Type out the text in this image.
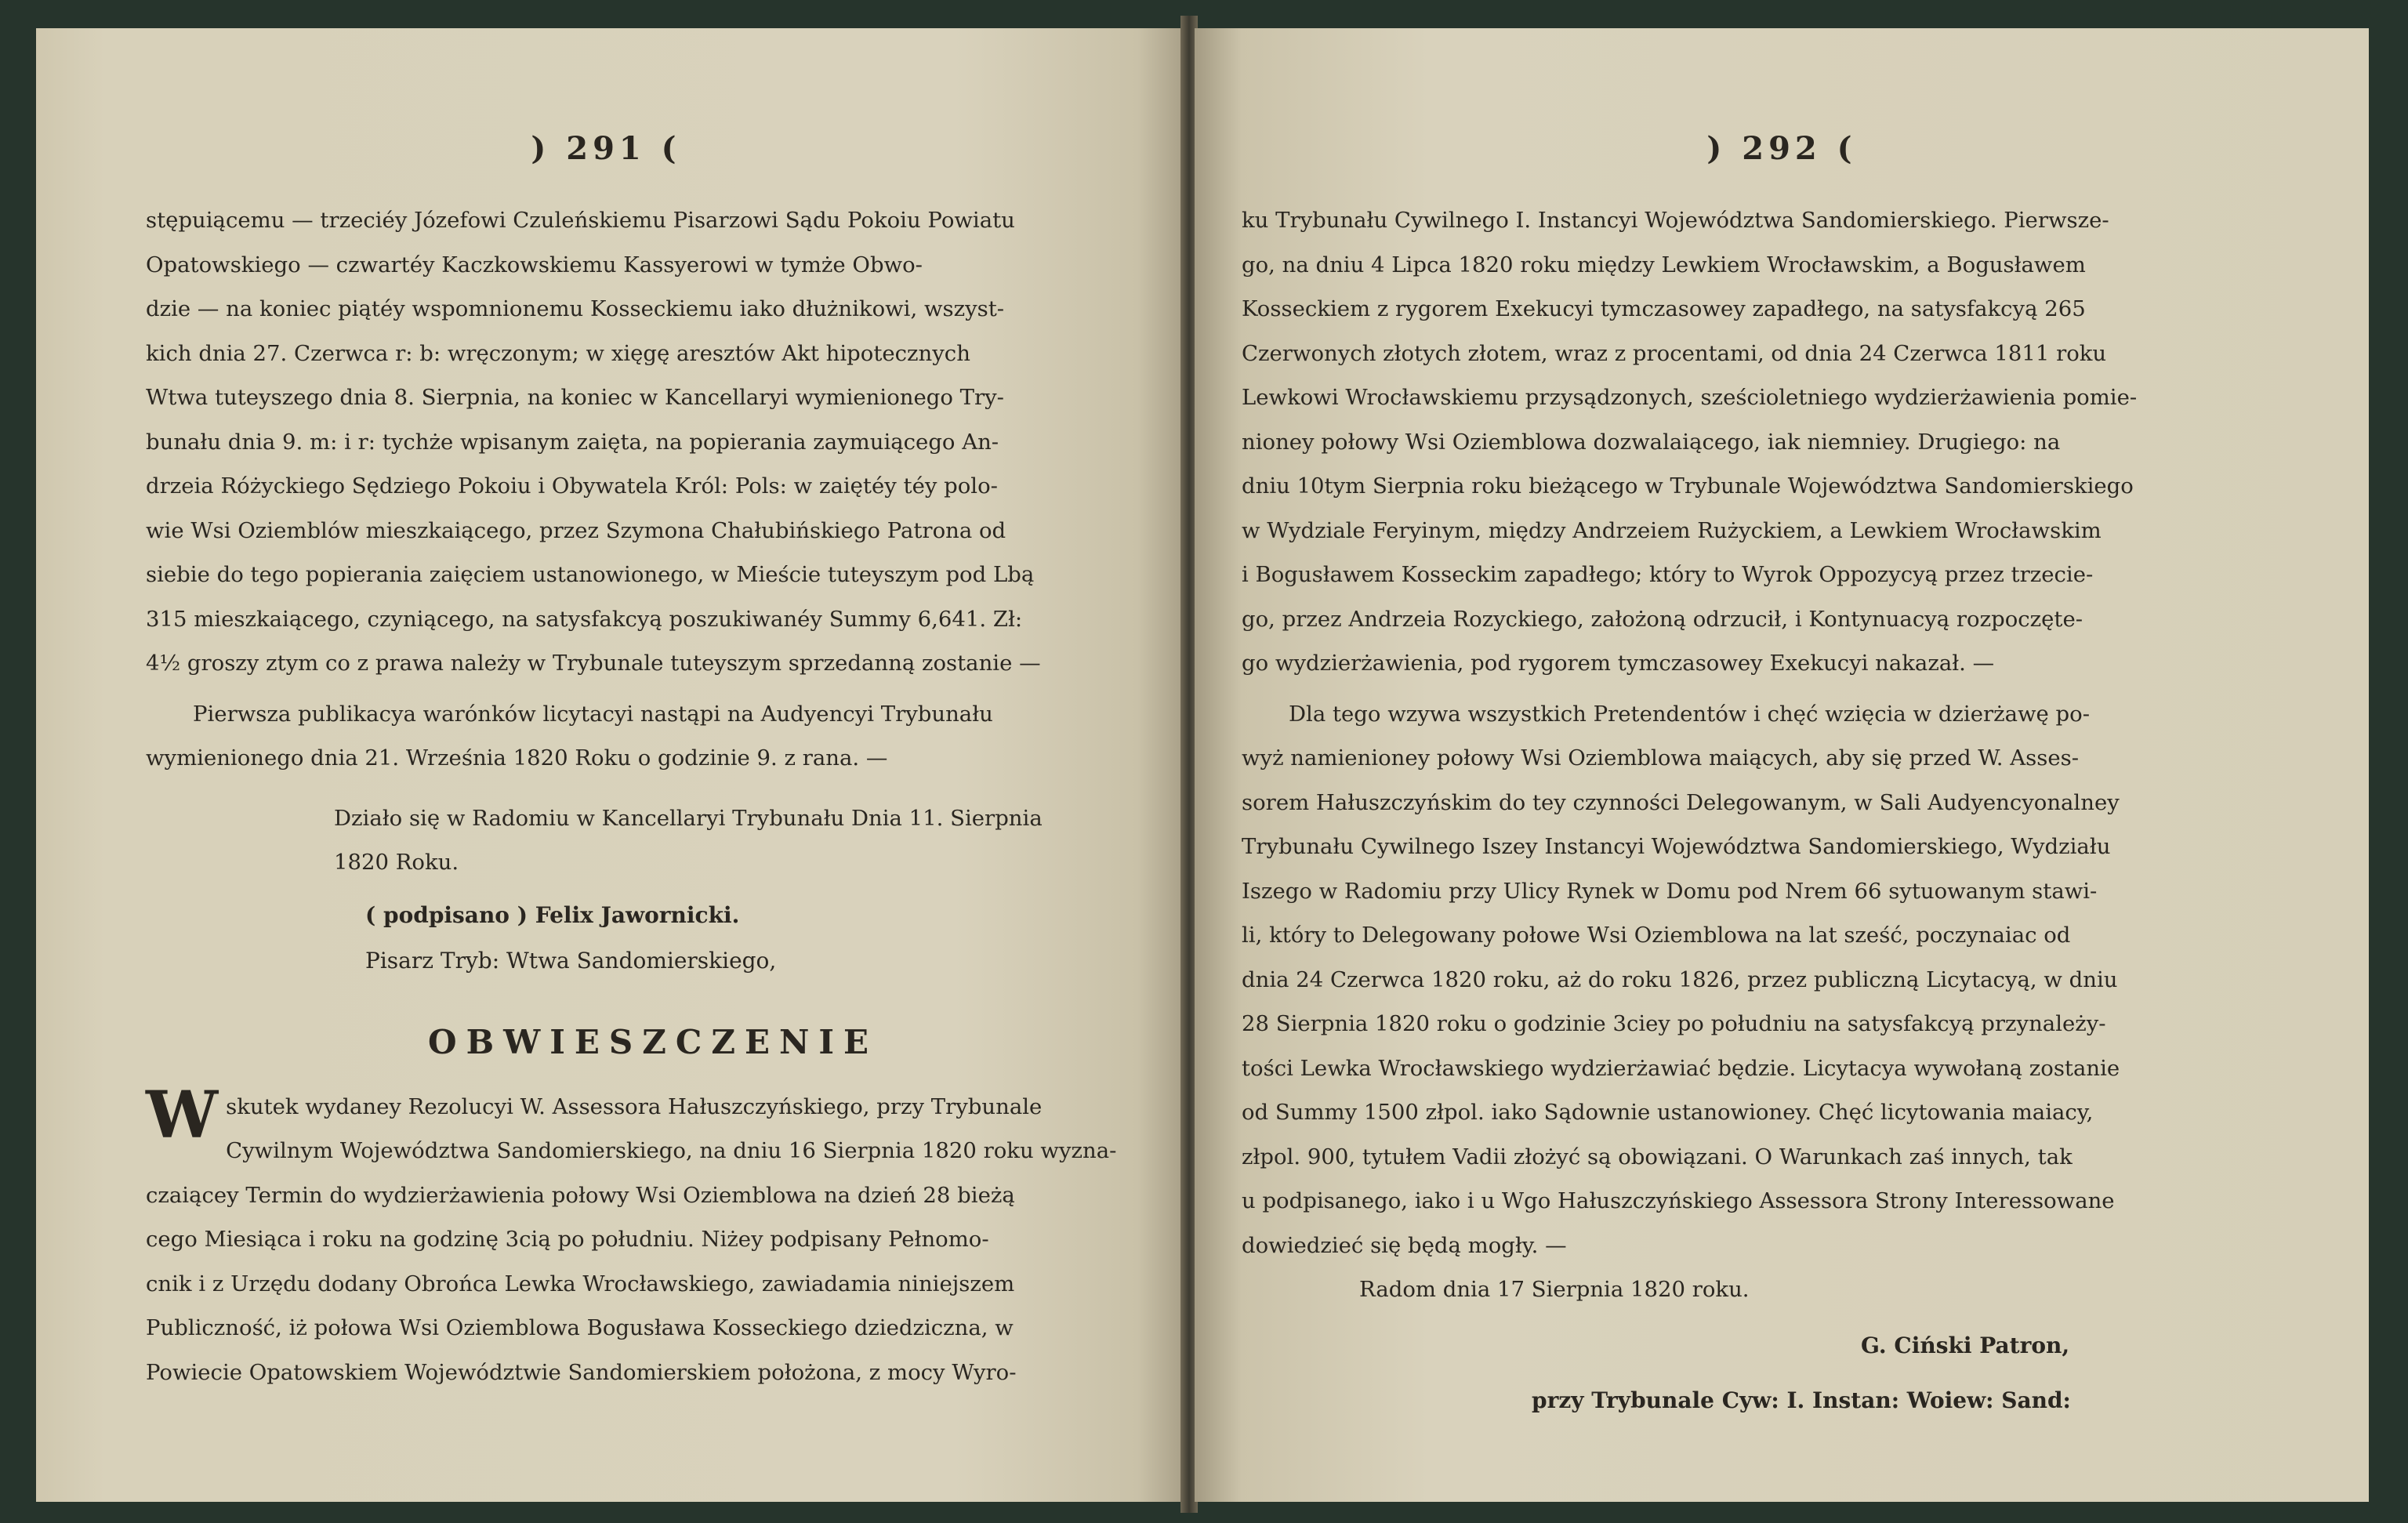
) 291 (
stępuiącemu — trzeciéy Józefowi Czuleńskiemu Pisarzowi Sądu Pokoiu Powiatu
Opatowskiego — czwartéy Kaczkowskiemu Kassyerowi w tymże Obwo-
dzie — na koniec piątéy wspomnionemu Kosseckiemu iako dłużnikowi, wszyst-
kich dnia 27. Czerwca r: b: wręczonym; w xięgę aresztów Akt hipotecznych
Wtwa tuteyszego dnia 8. Sierpnia, na koniec w Kancellaryi wymienionego Try-
bunału dnia 9. m: i r: tychże wpisanym zaięta, na popierania zaymuiącego An-
drzeia Różyckiego Sędziego Pokoiu i Obywatela Król: Pols: w zaiętéy téy polo-
wie Wsi Oziemblów mieszkaiącego, przez Szymona Chałubińskiego Patrona od
siebie do tego popierania zaięciem ustanowionego, w Mieście tuteyszym pod Lbą
315 mieszkaiącego, czyniącego, na satysfakcyą poszukiwanéy Summy 6,641. Zł:
4½ groszy ztym co z prawa należy w Trybunale tuteyszym sprzedanną zostanie —
Pierwsza publikacya warónków licytacyi nastąpi na Audyencyi Trybunału
wymienionego dnia 21. Września 1820 Roku o godzinie 9. z rana. —
Działo się w Radomiu w Kancellaryi Trybunału Dnia 11. Sierpnia
1820 Roku.
( podpisano ) Felix Jawornicki.
Pisarz Tryb: Wtwa Sandomierskiego,
OBWIESZCZENIE
W skutek wydaney Rezolucyi W. Assessora Hałuszczyńskiego, przy Trybunale
Cywilnym Województwa Sandomierskiego, na dniu 16 Sierpnia 1820 roku wyzna-
czaiącey Termin do wydzierżawienia połowy Wsi Oziemblowa na dzień 28 bieżą
cego Miesiąca i roku na godzinę 3cią po południu. Niżey podpisany Pełnomo-
cnik i z Urzędu dodany Obrońca Lewka Wrocławskiego, zawiadamia niniejszem
Publiczność, iż połowa Wsi Oziemblowa Bogusława Kosseckiego dziedziczna, w
Powiecie Opatowskiem Województwie Sandomierskiem położona, z mocy Wyro-
) 292 (
ku Trybunału Cywilnego I. Instancyi Województwa Sandomierskiego. Pierwsze-
go, na dniu 4 Lipca 1820 roku między Lewkiem Wrocławskim, a Bogusławem
Kosseckiem z rygorem Exekucyi tymczasowey zapadłego, na satysfakcyą 265
Czerwonych złotych złotem, wraz z procentami, od dnia 24 Czerwca 1811 roku
Lewkowi Wrocławskiemu przysądzonych, sześcioletniego wydzierżawienia pomie-
nioney połowy Wsi Oziemblowa dozwalaiącego, iak niemniey. Drugiego: na
dniu 10tym Sierpnia roku bieżącego w Trybunale Województwa Sandomierskiego
w Wydziale Feryinym, między Andrzeiem Rużyckiem, a Lewkiem Wrocławskim
i Bogusławem Kosseckim zapadłego; który to Wyrok Oppozycyą przez trzecie-
go, przez Andrzeia Rozyckiego, założoną odrzucił, i Kontynuacyą rozpoczęte-
go wydzierżawienia, pod rygorem tymczasowey Exekucyi nakazał. —
Dla tego wzywa wszystkich Pretendentów i chęć wzięcia w dzierżawę po-
wyż namienioney połowy Wsi Oziemblowa maiących, aby się przed W. Asses-
sorem Hałuszczyńskim do tey czynności Delegowanym, w Sali Audyencyonalney
Trybunału Cywilnego Iszey Instancyi Województwa Sandomierskiego, Wydziału
Iszego w Radomiu przy Ulicy Rynek w Domu pod Nrem 66 sytuowanym stawi-
li, który to Delegowany połowe Wsi Oziemblowa na lat sześć, poczynaiac od
dnia 24 Czerwca 1820 roku, aż do roku 1826, przez publiczną Licytacyą, w dniu
28 Sierpnia 1820 roku o godzinie 3ciey po południu na satysfakcyą przynależy-
tości Lewka Wrocławskiego wydzierżawiać będzie. Licytacya wywołaną zostanie
od Summy 1500 złpol. iako Sądownie ustanowioney. Chęć licytowania maiacy,
złpol. 900, tytułem Vadii złożyć są obowiązani. O Warunkach zaś innych, tak
u podpisanego, iako i u Wgo Hałuszczyńskiego Assessora Strony Interessowane
dowiedzieć się będą mogły. —
Radom dnia 17 Sierpnia 1820 roku.
G. Ciński Patron,
przy Trybunale Cyw: I. Instan: Woiew: Sand:
